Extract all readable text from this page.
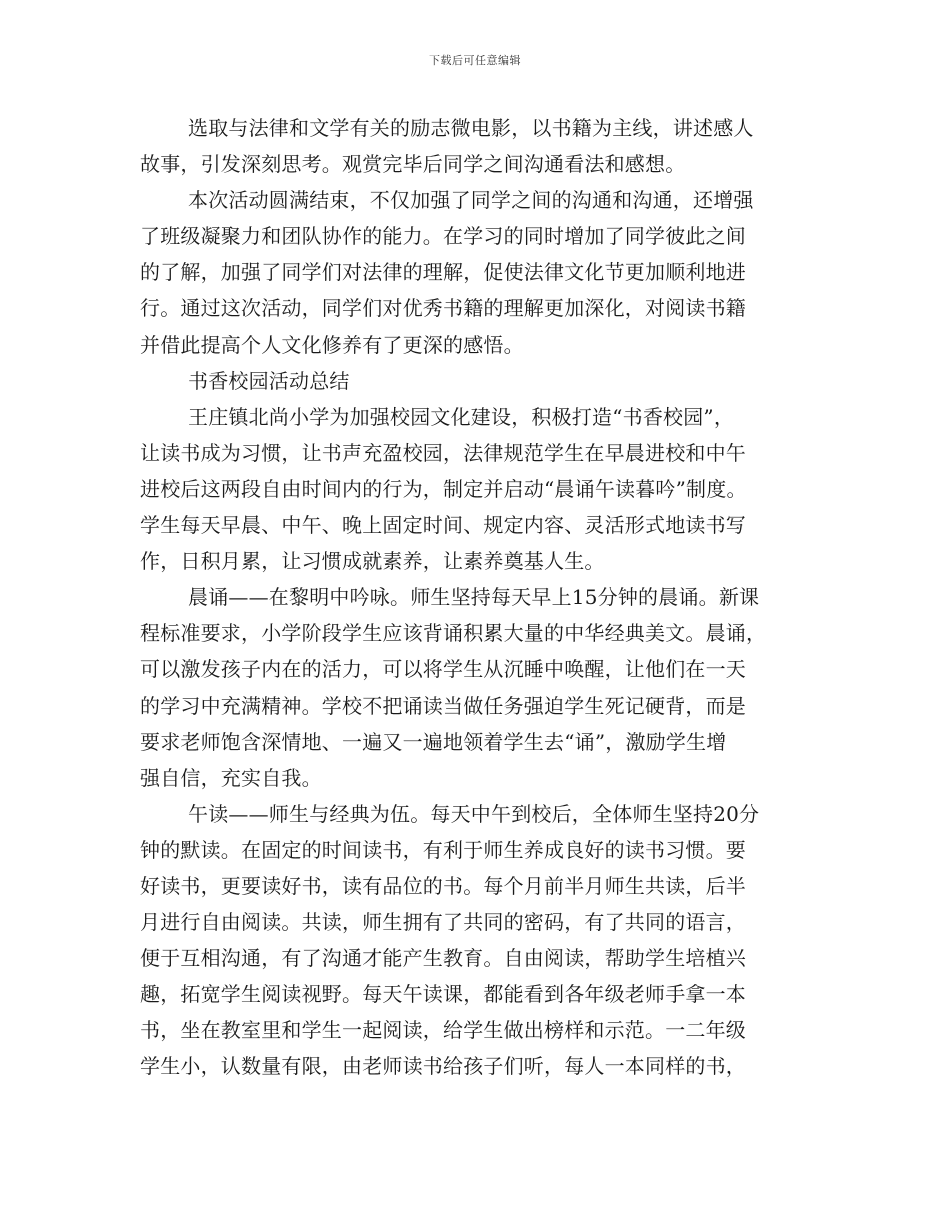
下载后可任意编辑
选取与法律和文学有关的励志微电影，以书籍为主线，讲述感人
故事，引发深刻思考。观赏完毕后同学之间沟通看法和感想。
本次活动圆满结束，不仅加强了同学之间的沟通和沟通，还增强
了班级凝聚力和团队协作的能力。在学习的同时增加了同学彼此之间
的了解，加强了同学们对法律的理解，促使法律文化节更加顺利地进
行。通过这次活动，同学们对优秀书籍的理解更加深化，对阅读书籍
并借此提高个人文化修养有了更深的感悟。
书香校园活动总结
王庄镇北尚小学为加强校园文化建设，积极打造“书香校园”，
让读书成为习惯，让书声充盈校园，法律规范学生在早晨进校和中午
进校后这两段自由时间内的行为，制定并启动“晨诵午读暮吟”制度。
学生每天早晨、中午、晚上固定时间、规定内容、灵活形式地读书写
作，日积月累，让习惯成就素养，让素养奠基人生。
晨诵——在黎明中吟咏。师生坚持每天早上15分钟的晨诵。新课
程标准要求，小学阶段学生应该背诵积累大量的中华经典美文。晨诵，
可以激发孩子内在的活力，可以将学生从沉睡中唤醒，让他们在一天
的学习中充满精神。学校不把诵读当做任务强迫学生死记硬背，而是
要求老师饱含深情地、一遍又一遍地领着学生去“诵”，激励学生增
强自信，充实自我。
午读——师生与经典为伍。每天中午到校后，全体师生坚持20分
钟的默读。在固定的时间读书，有利于师生养成良好的读书习惯。要
好读书，更要读好书，读有品位的书。每个月前半月师生共读，后半
月进行自由阅读。共读，师生拥有了共同的密码，有了共同的语言，
便于互相沟通，有了沟通才能产生教育。自由阅读，帮助学生培植兴
趣，拓宽学生阅读视野。每天午读课，都能看到各年级老师手拿一本
书，坐在教室里和学生一起阅读，给学生做出榜样和示范。一二年级
学生小，认数量有限，由老师读书给孩子们听，每人一本同样的书，
